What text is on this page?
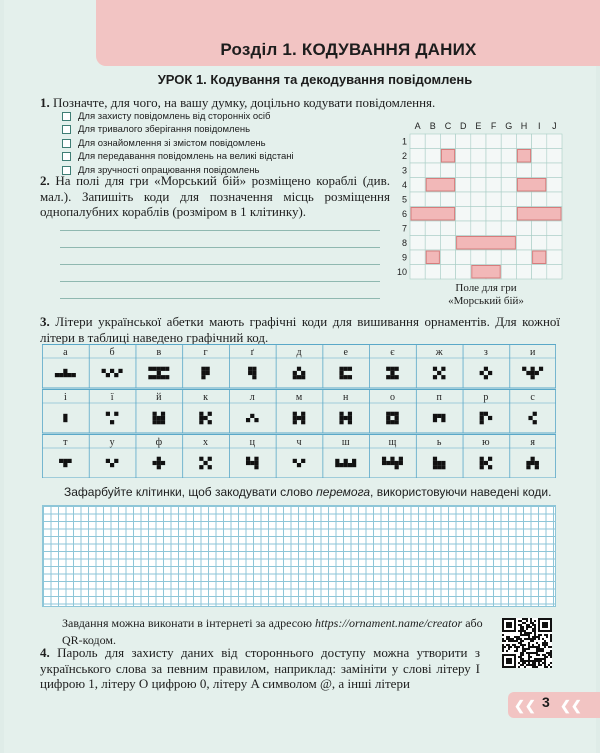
Розділ 1. КОДУВАННЯ ДАНИХ
УРОК 1. Кодування та декодування повідомлень
1. Позначте, для чого, на вашу думку, доцільно кодувати повідомлення.
Для захисту повідомлень від сторонніх осіб
Для тривалого зберігання повідомлень
Для ознайомлення зі змістом повідомлень
Для передавання повідомлень на великі відстані
Для зручності опрацювання повідомлень
2. На полі для гри «Морський бій» розміщено кораблі (див. мал.). Запишіть коди для позначення місць розміщення однопалубних кораблів (розміром в 1 клітинку).
A B C D E F G H I J
1
2
3
4
5
6
7
8
9
10
Поле для гри
«Морський бій»
3. Літери української абетки мають графічні коди для вишивання орнаментів. Для кожної літери в таблиці наведено графічний код.
а	б	в	г	ґ	д	е	є	ж	з	и
і	ї	й	к	л	м	н	о	п	р	с
т	у	ф	х	ц	ч	ш	щ	ь	ю	я
Зафарбуйте клітинки, щоб закодувати слово перемога, використовуючи наведені коди.
Завдання можна виконати в інтернеті за адресою https://ornament.name/creator або QR-кодом.
4. Пароль для захисту даних від стороннього доступу можна утворити з українського слова за певним правилом, наприклад: замініти у слові літеру I цифрою 1, літеру O цифрою 0, літеру A символом @, а інші літери
❮❮ ❮❮
3
